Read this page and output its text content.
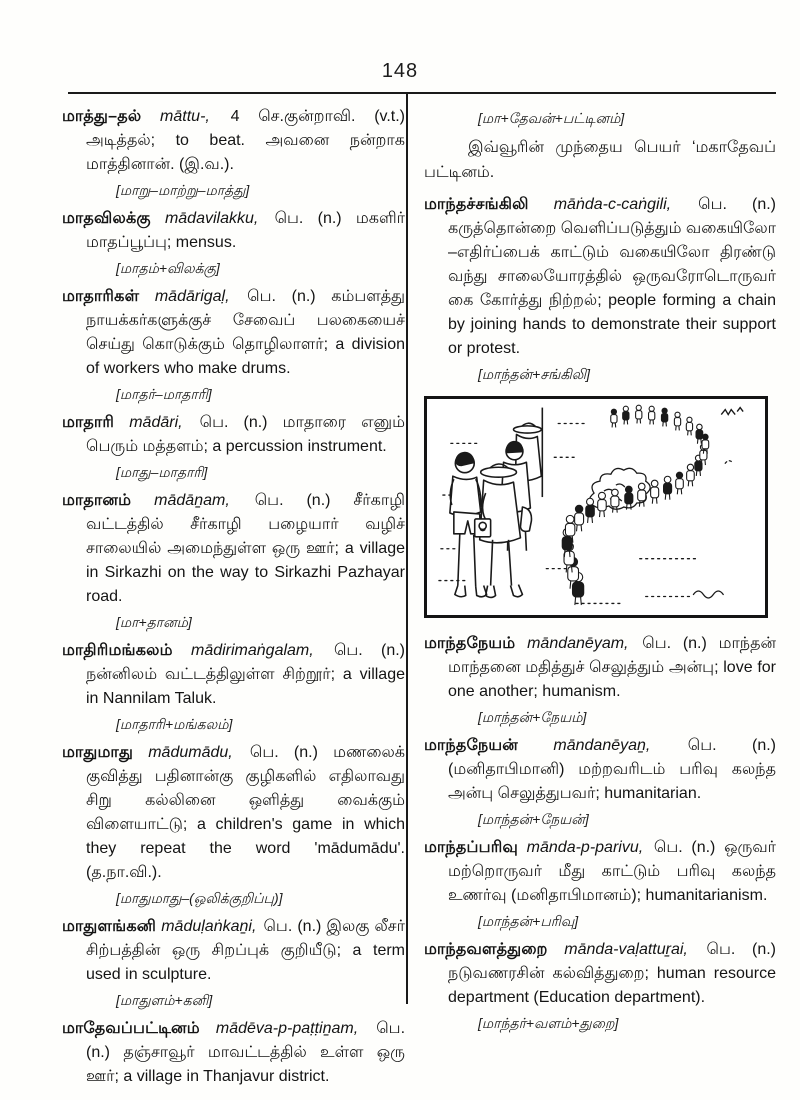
148

மாத்து–தல் māttu-, 4 செ.குன்றாவி. (v.t.) அடித்தல்; to beat. அவனை நன்றாக மாத்தினான். (இ.வ.).

[மாறு–மாற்று–மாத்து]

மாதவிலக்கு mādavilakku, பெ. (n.) மகளிர் மாதப்பூப்பு; mensus.

[மாதம்+விலக்கு]

மாதாரிகள் mādārigaḷ, பெ. (n.) கம்பளத்து நாயக்கர்களுக்குச் சேவைப் பலகையைச் செய்து கொடுக்கும் தொழிலாளர்; a division of workers who make drums.

[மாதர்–மாதாரி]

மாதாரி mādāri, பெ. (n.) மாதாரை எனும் பெரும் மத்தளம்; a percussion instrument.

[மாது–மாதாரி]

மாதானம் mādāṉam, பெ. (n.) சீர்காழி வட்டத்தில் சீர்காழி பழையார் வழிச் சாலையில் அமைந்துள்ள ஒரு ஊர்; a village in Sirkazhi on the way to Sirkazhi Pazhayar road.

[மா+தானம்]

மாதிரிமங்கலம் mādirimaṅgalam, பெ. (n.) நன்னிலம் வட்டத்திலுள்ள சிற்றூர்; a village in Nannilam Taluk.

[மாதாரி+மங்கலம்]

மாதுமாது mādumādu, பெ. (n.) மணலைக் குவித்து பதினான்கு குழிகளில் எதிலாவது சிறு கல்லினை ஒளித்து வைக்கும் விளையாட்டு; a children's game in which they repeat the word 'mādumādu'. (த.நா.வி.).

[மாதுமாது–(ஒலிக்குறிப்பு)]

மாதுளங்கனி māduḷaṅkaṉi, பெ. (n.) இலகு லீசர் சிற்பத்தின் ஒரு சிறப்புக் குறியீடு; a term used in sculpture.

[மாதுளம்+கனி]

மாதேவப்பட்டினம் mādēva-p-paṭṭiṉam, பெ. (n.) தஞ்சாவூர் மாவட்டத்தில் உள்ள ஒரு ஊர்; a village in Thanjavur district.

[மா+தேவன்+பட்டினம்]

இவ்வூரின் முந்தைய பெயர் ʻமகாதேவப் பட்டினம்.

மாந்தச்சங்கிலி māṅda-c-caṅgili, பெ. (n.) கருத்தொன்றை வெளிப்படுத்தும் வகையிலோ –எதிர்ப்பைக் காட்டும் வகையிலோ திரண்டு வந்து சாலையோரத்தில் ஒருவரோடொருவர் கை கோர்த்து நிற்றல்; people forming a chain by joining hands to demonstrate their support or protest.

[மாந்தன்+சங்கிலி]

மாந்தநேயம் māndanēyam, பெ. (n.) மாந்தன் மாந்தனை மதித்துச் செலுத்தும் அன்பு; love for one another; humanism.

[மாந்தன்+நேயம்]

மாந்தநேயன் māndanēyaṉ, பெ. (n.) (மனிதாபிமானி) மற்றவரிடம் பரிவு கலந்த அன்பு செலுத்துபவர்; humanitarian.

[மாந்தன்+நேயன்]

மாந்தப்பரிவு mānda-p-parivu, பெ. (n.) ஒருவர் மற்றொருவர் மீது காட்டும் பரிவு கலந்த உணர்வு (மனிதாபிமானம்); humanitarianism.

[மாந்தன்+பரிவு]

மாந்தவளத்துறை mānda-vaḷattuṟai, பெ. (n.) நடுவணரசின் கல்வித்துறை; human resource department (Education department).

[மாந்தர்+வளம்+துறை]
